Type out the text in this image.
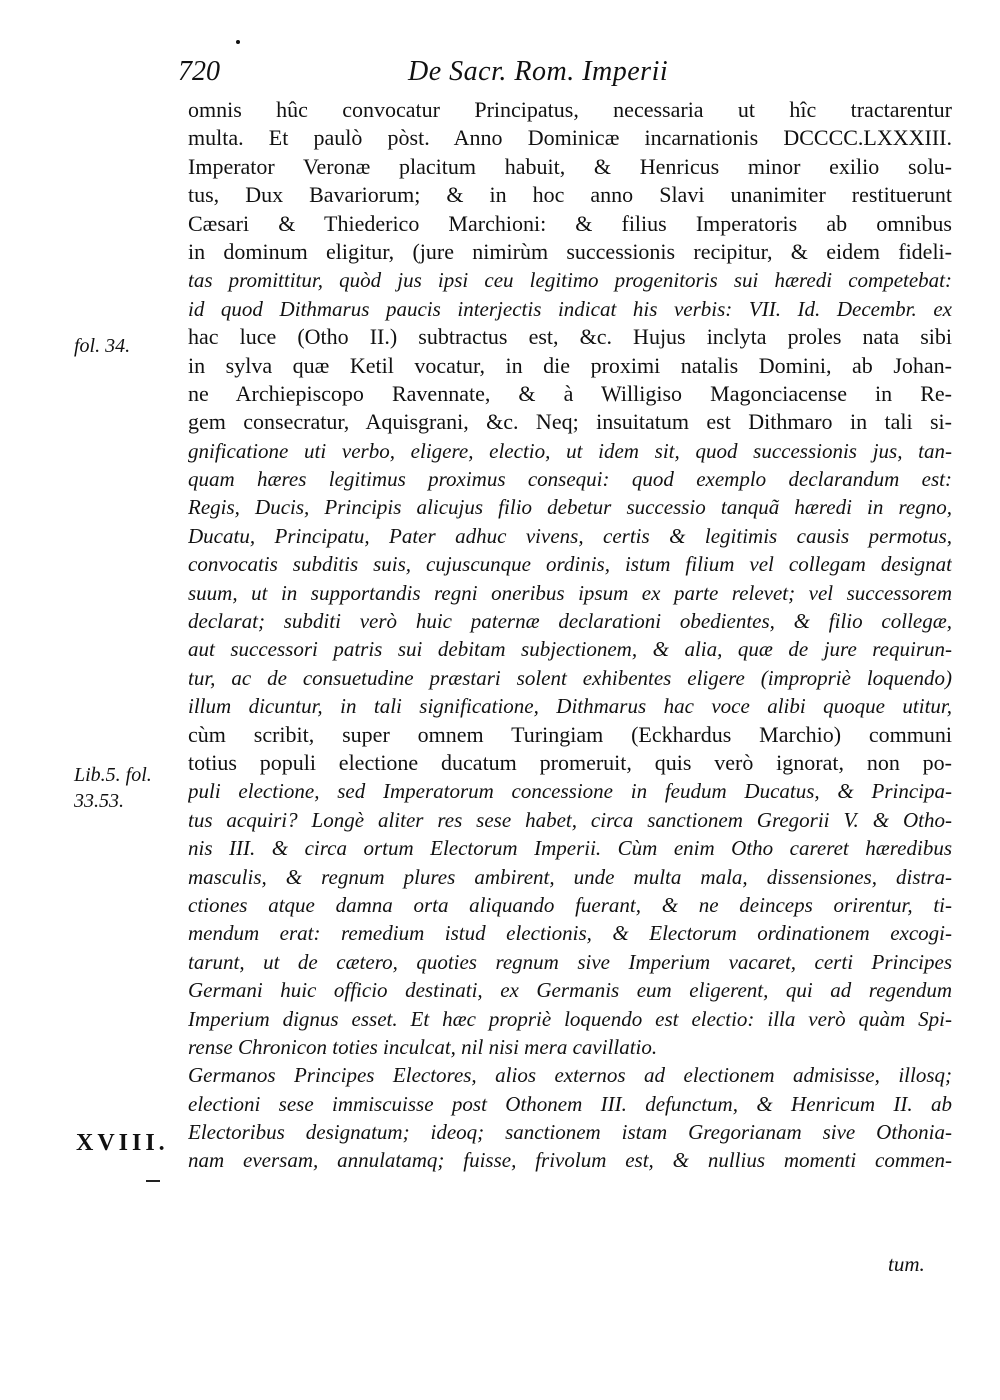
720	De Sacr. Rom. Imperii
fol. 34.
Lib.5. fol.
33.53.
XVIII.
omnis hûc convocatur Principatus, necessaria ut hîc tractarentur
multa. Et paulò pòst. Anno Dominicæ incarnationis DCCCC.LXXXIII.
Imperator Veronæ placitum habuit, & Henricus minor exilio solu-
tus, Dux Bavariorum; & in hoc anno Slavi unanimiter restituerunt
Cæsari & Thiederico Marchioni: & filius Imperatoris ab omnibus
in dominum eligitur, (jure nimirùm successionis recipitur, & eidem fideli-
tas promittitur, quòd jus ipsi ceu legitimo progenitoris sui hæredi competebat:
id quod Dithmarus paucis interjectis indicat his verbis: VII. Id. Decembr. ex
hac luce (Otho II.) subtractus est, &c. Hujus inclyta proles nata sibi
in sylva quæ Ketil vocatur, in die proximi natalis Domini, ab Johan-
ne Archiepiscopo Ravennate, & à Willigiso Magonciacense in Re-
gem consecratur, Aquisgrani, &c. Neq; insuitatum est Dithmaro in tali si-
gnificatione uti verbo, eligere, electio, ut idem sit, quod successionis jus, tan-
quam hæres legitimus proximus consequi: quod exemplo declarandum est:
Regis, Ducis, Principis alicujus filio debetur successio tanquã hæredi in regno,
Ducatu, Principatu, Pater adhuc vivens, certis & legitimis causis permotus,
convocatis subditis suis, cujuscunque ordinis, istum filium vel collegam designat
suum, ut in supportandis regni oneribus ipsum ex parte relevet; vel successorem
declarat; subditi verò huic paternæ declarationi obedientes, & filio collegæ,
aut successori patris sui debitam subjectionem, & alia, quæ de jure requirun-
tur, ac de consuetudine præstari solent exhibentes eligere (impropriè loquendo)
illum dicuntur, in tali significatione, Dithmarus hac voce alibi quoque utitur,
cùm scribit, super omnem Turingiam (Eckhardus Marchio) communi
totius populi electione ducatum promeruit, quis verò ignorat, non po-
puli electione, sed Imperatorum concessione in feudum Ducatus, & Principa-
tus acquiri? Longè aliter res sese habet, circa sanctionem Gregorii V. & Otho-
nis III. & circa ortum Electorum Imperii. Cùm enim Otho careret hæredibus
masculis, & regnum plures ambirent, unde multa mala, dissensiones, distra-
ctiones atque damna orta aliquando fuerant, & ne deinceps orirentur, ti-
mendum erat: remedium istud electionis, & Electorum ordinationem excogi-
tarunt, ut de cætero, quoties regnum sive Imperium vacaret, certi Principes
Germani huic officio destinati, ex Germanis eum eligerent, qui ad regendum
Imperium dignus esset. Et hæc propriè loquendo est electio: illa verò quàm Spi-
rense Chronicon toties inculcat, nil nisi mera cavillatio.
Germanos Principes Electores, alios externos ad electionem admisisse, illosq;
electioni sese immiscuisse post Othonem III. defunctum, & Henricum II. ab
Electoribus designatum; ideoq; sanctionem istam Gregorianam sive Othonia-
nam eversam, annulatamq; fuisse, frivolum est, & nullius momenti commen-
tum.
